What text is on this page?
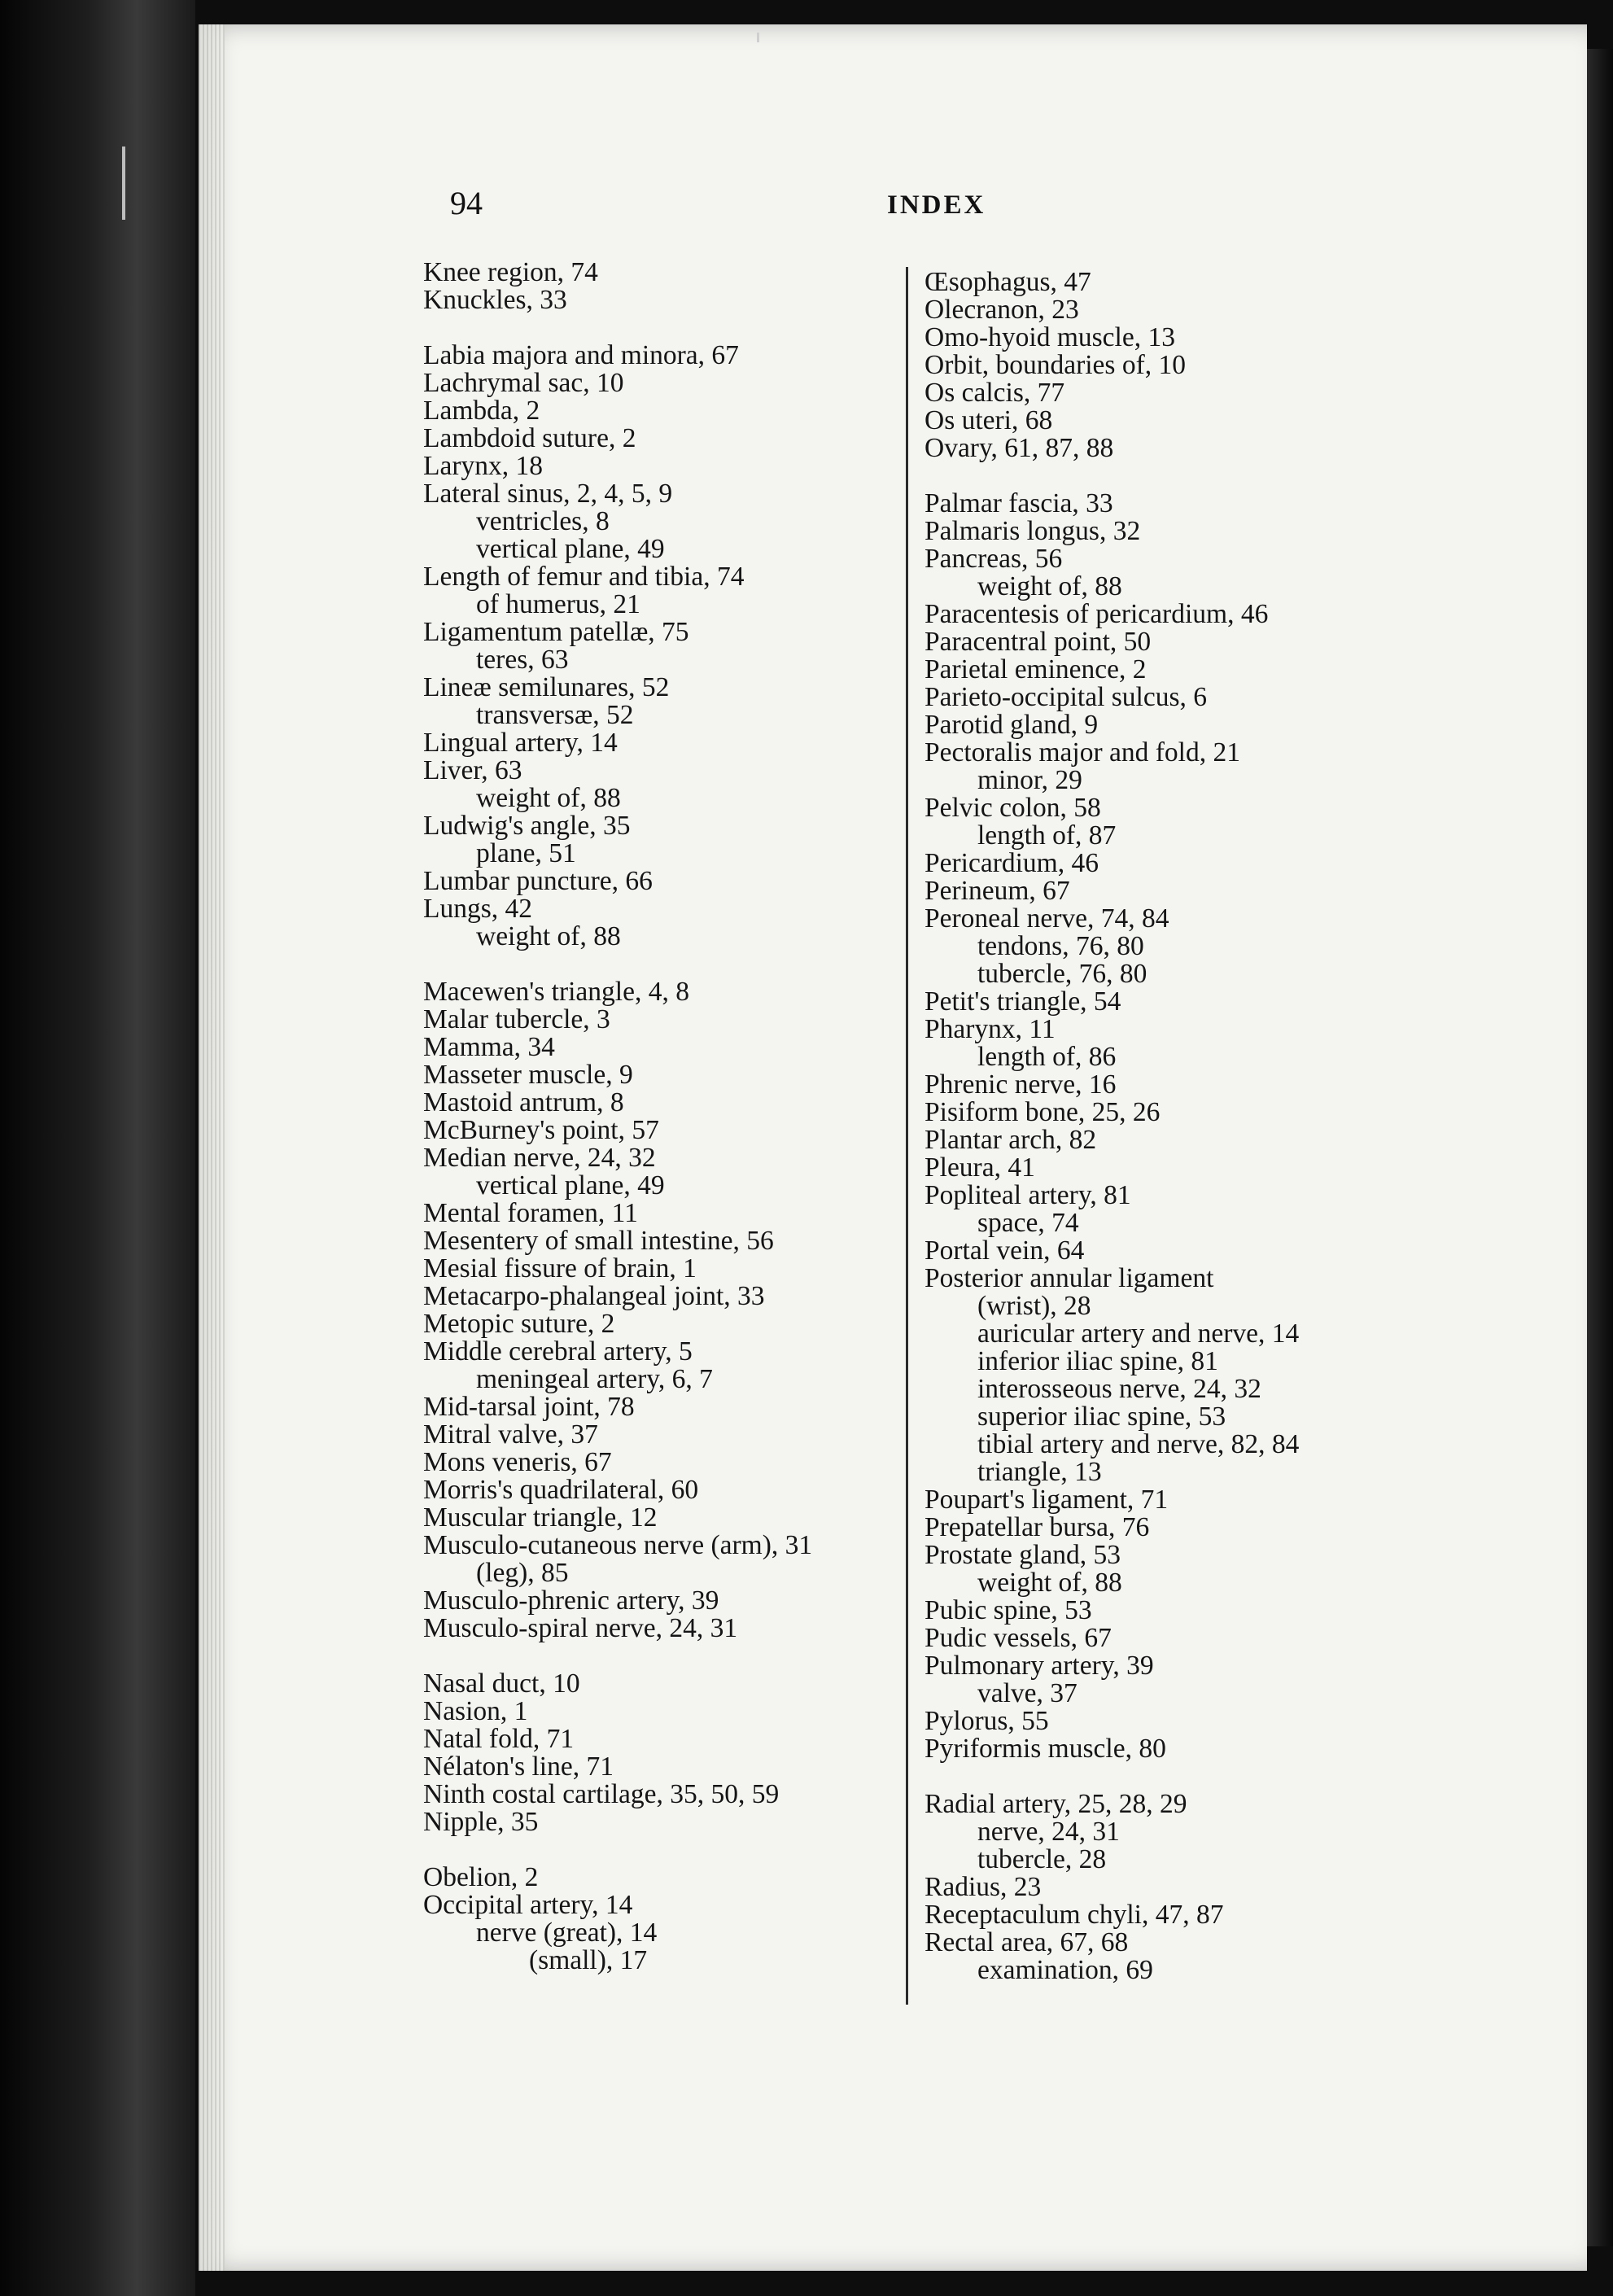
94	INDEX
Knee region, 74
Knuckles, 33
Labia majora and minora, 67
Lachrymal sac, 10
Lambda, 2
Lambdoid suture, 2
Larynx, 18
Lateral sinus, 2, 4, 5, 9
ventricles, 8
vertical plane, 49
Length of femur and tibia, 74
of humerus, 21
Ligamentum patellæ, 75
teres, 63
Lineæ semilunares, 52
transversæ, 52
Lingual artery, 14
Liver, 63
weight of, 88
Ludwig's angle, 35
plane, 51
Lumbar puncture, 66
Lungs, 42
weight of, 88
Macewen's triangle, 4, 8
Malar tubercle, 3
Mamma, 34
Masseter muscle, 9
Mastoid antrum, 8
McBurney's point, 57
Median nerve, 24, 32
vertical plane, 49
Mental foramen, 11
Mesentery of small intestine, 56
Mesial fissure of brain, 1
Metacarpo-phalangeal joint, 33
Metopic suture, 2
Middle cerebral artery, 5
meningeal artery, 6, 7
Mid-tarsal joint, 78
Mitral valve, 37
Mons veneris, 67
Morris's quadrilateral, 60
Muscular triangle, 12
Musculo-cutaneous nerve (arm), 31
(leg), 85
Musculo-phrenic artery, 39
Musculo-spiral nerve, 24, 31
Nasal duct, 10
Nasion, 1
Natal fold, 71
Nélaton's line, 71
Ninth costal cartilage, 35, 50, 59
Nipple, 35
Obelion, 2
Occipital artery, 14
nerve (great), 14
(small), 17
Œsophagus, 47
Olecranon, 23
Omo-hyoid muscle, 13
Orbit, boundaries of, 10
Os calcis, 77
Os uteri, 68
Ovary, 61, 87, 88
Palmar fascia, 33
Palmaris longus, 32
Pancreas, 56
weight of, 88
Paracentesis of pericardium, 46
Paracentral point, 50
Parietal eminence, 2
Parieto-occipital sulcus, 6
Parotid gland, 9
Pectoralis major and fold, 21
minor, 29
Pelvic colon, 58
length of, 87
Pericardium, 46
Perineum, 67
Peroneal nerve, 74, 84
tendons, 76, 80
tubercle, 76, 80
Petit's triangle, 54
Pharynx, 11
length of, 86
Phrenic nerve, 16
Pisiform bone, 25, 26
Plantar arch, 82
Pleura, 41
Popliteal artery, 81
space, 74
Portal vein, 64
Posterior annular ligament
(wrist), 28
auricular artery and nerve, 14
inferior iliac spine, 81
interosseous nerve, 24, 32
superior iliac spine, 53
tibial artery and nerve, 82, 84
triangle, 13
Poupart's ligament, 71
Prepatellar bursa, 76
Prostate gland, 53
weight of, 88
Pubic spine, 53
Pudic vessels, 67
Pulmonary artery, 39
valve, 37
Pylorus, 55
Pyriformis muscle, 80
Radial artery, 25, 28, 29
nerve, 24, 31
tubercle, 28
Radius, 23
Receptaculum chyli, 47, 87
Rectal area, 67, 68
examination, 69
